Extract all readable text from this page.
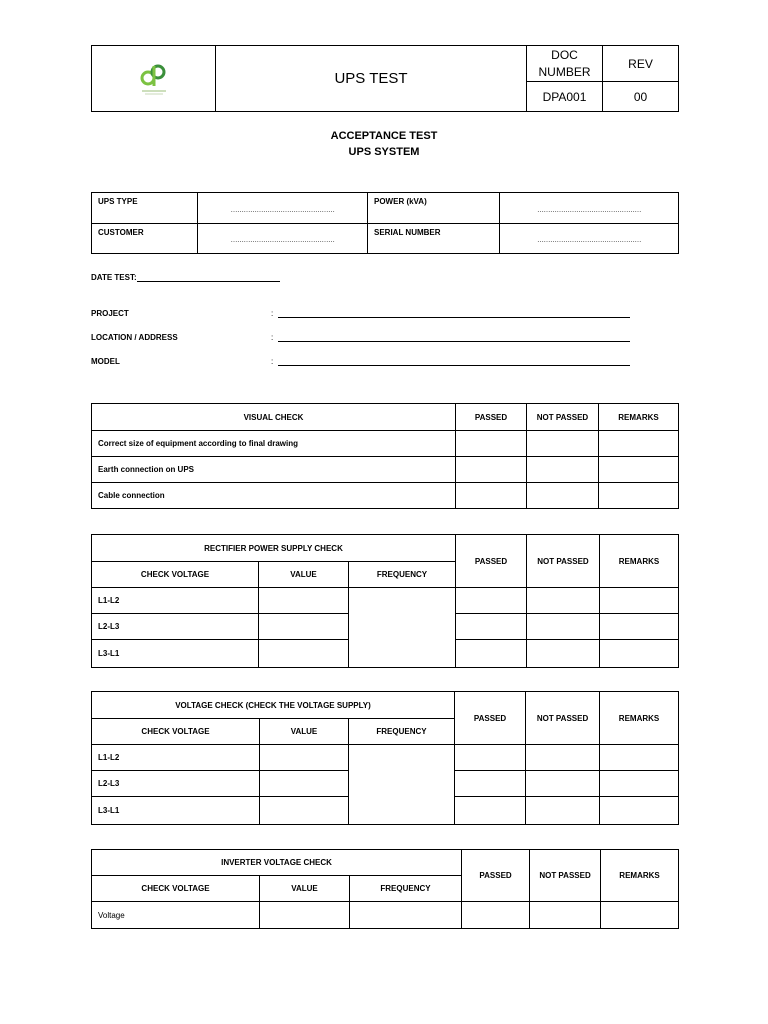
	UPS TEST	DOC NUMBER	REV
		DPA001	00
ACCEPTANCE TEST
UPS SYSTEM
UPS TYPE	…………………………………………	POWER (kVA)	…………………………………………

CUSTOMER	…………………………………………	SERIAL NUMBER	…………………………………………
DATE TEST:
PROJECT	:
LOCATION / ADDRESS	:
MODEL	:
VISUAL CHECK	PASSED	NOT PASSED	REMARKS
Correct size of equipment according to final drawing			
Earth connection on UPS			
Cable connection			
RECTIFIER POWER SUPPLY CHECK			PASSED	NOT PASSED	REMARKS
CHECK VOLTAGE	VALUE	FREQUENCY			
L1-L2					
L2-L3					
L3-L1					
VOLTAGE CHECK (CHECK THE VOLTAGE SUPPLY)			PASSED	NOT PASSED	REMARKS
CHECK VOLTAGE	VALUE	FREQUENCY			
L1-L2					
L2-L3					
L3-L1					
INVERTER VOLTAGE CHECK			PASSED	NOT PASSED	REMARKS
CHECK VOLTAGE	VALUE	FREQUENCY			
Voltage					
